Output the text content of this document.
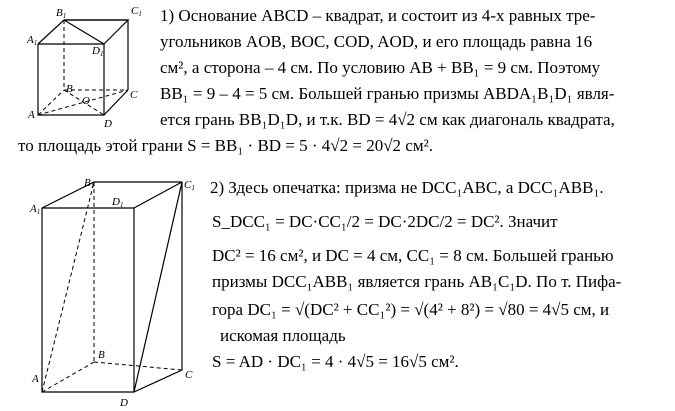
B1	C1
A1
D1
B
O	C
A
D
B1	C1
A1
D1
B
C
A
D
1) Основание ABCD – квадрат, и состоит из 4-х равных тре-
угольников AOB, BOC, COD, AOD, и его площадь равна 16
см², а сторона – 4 см. По условию AB + BB₁ = 9 см. Поэтому
BB₁ = 9 – 4 = 5 см. Большей гранью призмы ABDA₁B₁D₁ явля-
ется грань BB₁D₁D, и т.к. BD = 4√2 см как диагональ квадрата,
то площадь этой грани S = BB₁ · BD = 5 · 4√2 = 20√2 см².
2) Здесь опечатка: призма не DCC₁ABC, а DCC₁ABB₁.
S_DCC₁ = DC·CC₁/2 = DC·2DC/2 = DC². Значит
DC² = 16 см², и DC = 4 см, CC₁ = 8 см. Большей гранью
призмы DCC₁ABB₁ является грань AB₁C₁D. По т. Пифа-
гора DC₁ = √(DC² + CC₁²) = √(4² + 8²) = √80 = 4√5 см, и
искомая площадь
S = AD · DC₁ = 4 · 4√5 = 16√5 см².
